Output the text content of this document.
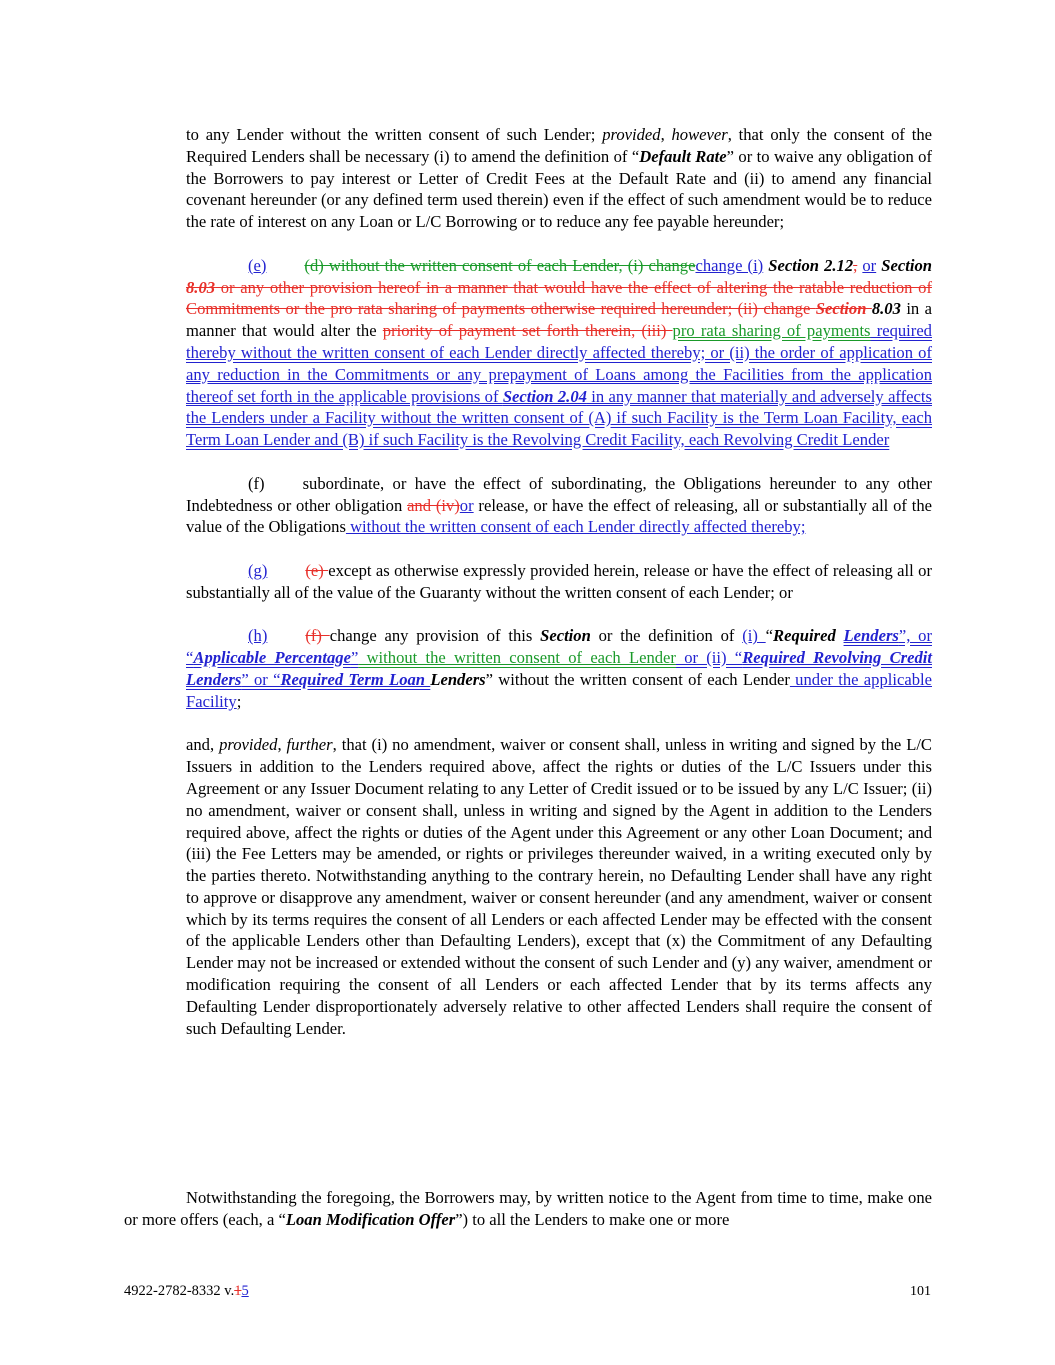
to any Lender without the written consent of such Lender; provided, however, that only the consent of the Required Lenders shall be necessary (i) to amend the definition of “Default Rate” or to waive any obligation of the Borrowers to pay interest or Letter of Credit Fees at the Default Rate and (ii) to amend any financial covenant hereunder (or any defined term used therein) even if the effect of such amendment would be to reduce the rate of interest on any Loan or L/C Borrowing or to reduce any fee payable hereunder;

(e) (d) without the written consent of each Lender, (i) changechange (i) Section 2.12, or Section 8.03 or any other provision hereof in a manner that would have the effect of altering the ratable reduction of Commitments or the pro rata sharing of payments otherwise required hereunder; (ii) change Section 8.03 in a manner that would alter the priority of payment set forth therein, (iii) pro rata sharing of payments required thereby without the written consent of each Lender directly affected thereby; or (ii) the order of application of any reduction in the Commitments or any prepayment of Loans among the Facilities from the application thereof set forth in the applicable provisions of Section 2.04 in any manner that materially and adversely affects the Lenders under a Facility without the written consent of (A) if such Facility is the Term Loan Facility, each Term Loan Lender and (B) if such Facility is the Revolving Credit Facility, each Revolving Credit Lender

(f) subordinate, or have the effect of subordinating, the Obligations hereunder to any other Indebtedness or other obligation and (iv)or release, or have the effect of releasing, all or substantially all of the value of the Obligations without the written consent of each Lender directly affected thereby;

(g) (e) except as otherwise expressly provided herein, release or have the effect of releasing all or substantially all of the value of the Guaranty without the written consent of each Lender; or

(h) (f) change any provision of this Section or the definition of (i) “Required Lenders”, or “Applicable Percentage” without the written consent of each Lender or (ii) “Required Revolving Credit Lenders” or “Required Term Loan Lenders” without the written consent of each Lender under the applicable Facility;

and, provided, further, that (i) no amendment, waiver or consent shall, unless in writing and signed by the L/C Issuers in addition to the Lenders required above, affect the rights or duties of the L/C Issuers under this Agreement or any Issuer Document relating to any Letter of Credit issued or to be issued by any L/C Issuer; (ii) no amendment, waiver or consent shall, unless in writing and signed by the Agent in addition to the Lenders required above, affect the rights or duties of the Agent under this Agreement or any other Loan Document; and (iii) the Fee Letters may be amended, or rights or privileges thereunder waived, in a writing executed only by the parties thereto. Notwithstanding anything to the contrary herein, no Defaulting Lender shall have any right to approve or disapprove any amendment, waiver or consent hereunder (and any amendment, waiver or consent which by its terms requires the consent of all Lenders or each affected Lender may be effected with the consent of the applicable Lenders other than Defaulting Lenders), except that (x) the Commitment of any Defaulting Lender may not be increased or extended without the consent of such Lender and (y) any waiver, amendment or modification requiring the consent of all Lenders or each affected Lender that by its terms affects any Defaulting Lender disproportionately adversely relative to other affected Lenders shall require the consent of such Defaulting Lender.

Notwithstanding the foregoing, the Borrowers may, by written notice to the Agent from time to time, make one or more offers (each, a “Loan Modification Offer”) to all the Lenders to make one or more

4922-2782-8332 v.15	101
